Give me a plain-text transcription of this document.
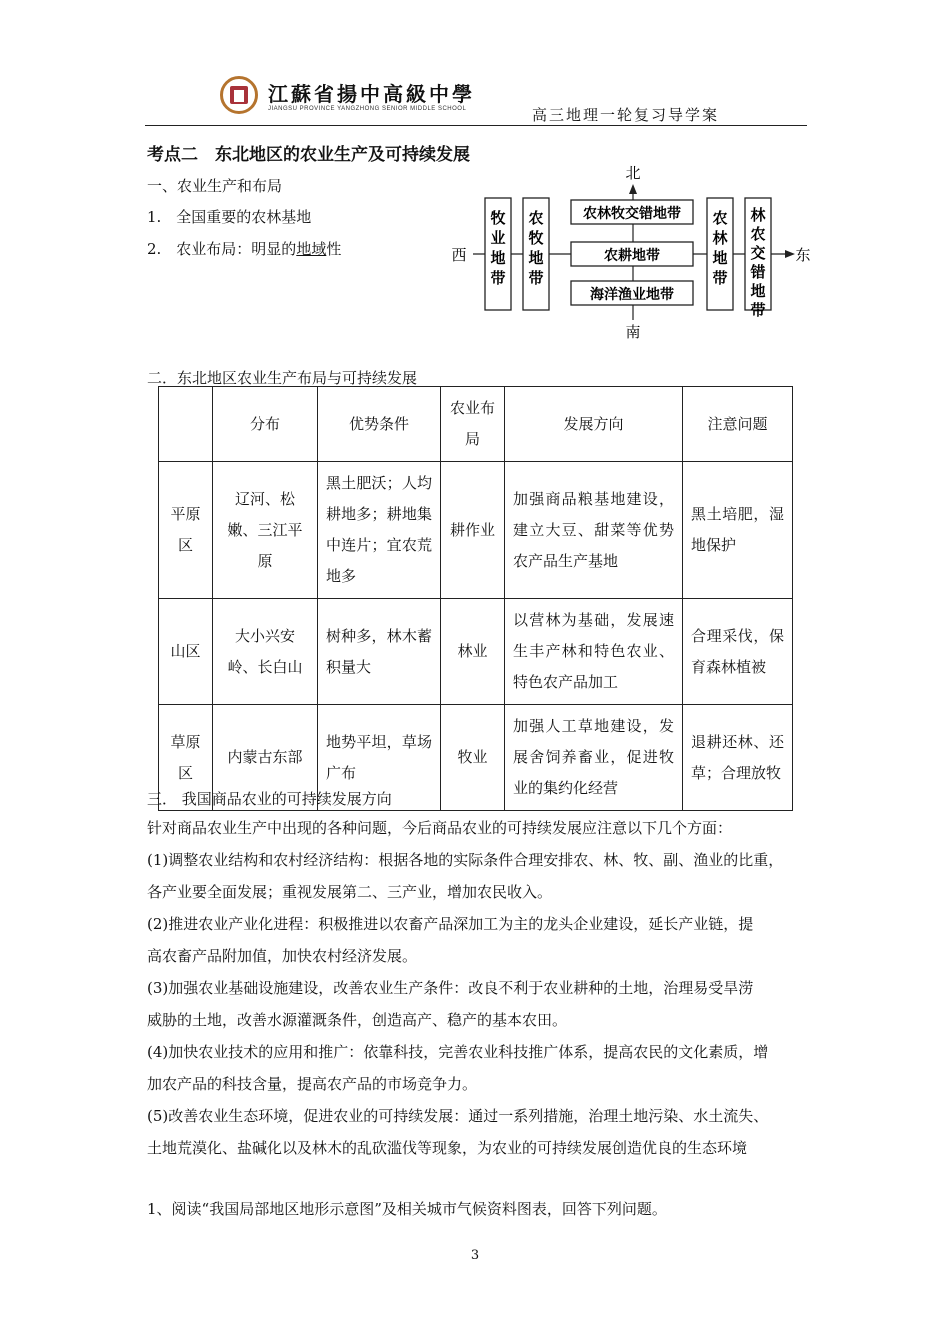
江蘇省揚中高級中學
JIANGSU PROVINCE YANGZHONG SENIOR MIDDLE SCHOOL	高三地理一轮复习导学案
考点二　东北地区的农业生产及可持续发展
一、农业生产和布局
1.　全国重要的农林基地
2.　农业布局：明显的地域性
北
南
西	东
牧业地带
农牧地带
农林牧交错地带
农耕地带
海洋渔业地带
农林地带
林农交错地带
二．东北地区农业生产布局与可持续发展
	分布	优势条件	农业布局	发展方向	注意问题
平原区	辽河、松嫩、三江平原	黑土肥沃；人均耕地多；耕地集中连片；宜农荒地多	耕作业	加强商品粮基地建设，建立大豆、甜菜等优势农产品生产基地	黑土培肥，湿地保护
山区	大小兴安岭、长白山	树种多，林木蓄积量大	林业	以营林为基础，发展速生丰产林和特色农业、特色农产品加工	合理采伐，保育森林植被
草原区	内蒙古东部	地势平坦，草场广布	牧业	加强人工草地建设，发展舍饲养畜业，促进牧业的集约化经营	退耕还林、还草；合理放牧
三． 我国商品农业的可持续发展方向
针对商品农业生产中出现的各种问题，今后商品农业的可持续发展应注意以下几个方面：
(1)调整农业结构和农村经济结构：根据各地的实际条件合理安排农、林、牧、副、渔业的比重，
各产业要全面发展；重视发展第二、三产业，增加农民收入。
(2)推进农业产业化进程：积极推进以农畜产品深加工为主的龙头企业建设，延长产业链，提
高农畜产品附加值，加快农村经济发展。
(3)加强农业基础设施建设，改善农业生产条件：改良不利于农业耕种的土地，治理易受旱涝
威胁的土地，改善水源灌溉条件，创造高产、稳产的基本农田。
(4)加快农业技术的应用和推广：依靠科技，完善农业科技推广体系，提高农民的文化素质，增
加农产品的科技含量，提高农产品的市场竞争力。
(5)改善农业生态环境，促进农业的可持续发展：通过一系列措施，治理土地污染、水土流失、
土地荒漠化、盐碱化以及林木的乱砍滥伐等现象，为农业的可持续发展创造优良的生态环境
1、阅读“我国局部地区地形示意图”及相关城市气候资料图表，回答下列问题。
3
